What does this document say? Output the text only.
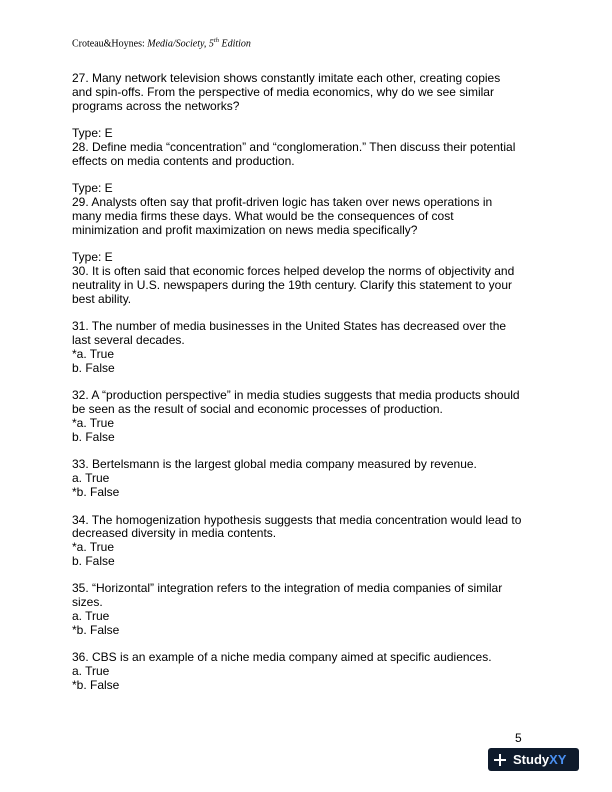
Croteau&Hoynes: Media/Society, 5th Edition
27. Many network television shows constantly imitate each other, creating copies
and spin-offs. From the perspective of media economics, why do we see similar
programs across the networks?
Type: E
28. Define media “concentration” and “conglomeration.” Then discuss their potential
effects on media contents and production.
Type: E
29. Analysts often say that profit-driven logic has taken over news operations in
many media firms these days. What would be the consequences of cost
minimization and profit maximization on news media specifically?
Type: E
30. It is often said that economic forces helped develop the norms of objectivity and
neutrality in U.S. newspapers during the 19th century. Clarify this statement to your
best ability.
31. The number of media businesses in the United States has decreased over the
last several decades.
*a. True
b. False
32. A “production perspective” in media studies suggests that media products should
be seen as the result of social and economic processes of production.
*a. True
b. False
33. Bertelsmann is the largest global media company measured by revenue.
a. True
*b. False
34. The homogenization hypothesis suggests that media concentration would lead to
decreased diversity in media contents.
*a. True
b. False
35. “Horizontal” integration refers to the integration of media companies of similar
sizes.
a. True
*b. False
36. CBS is an example of a niche media company aimed at specific audiences.
a. True
*b. False
5
Study XY
